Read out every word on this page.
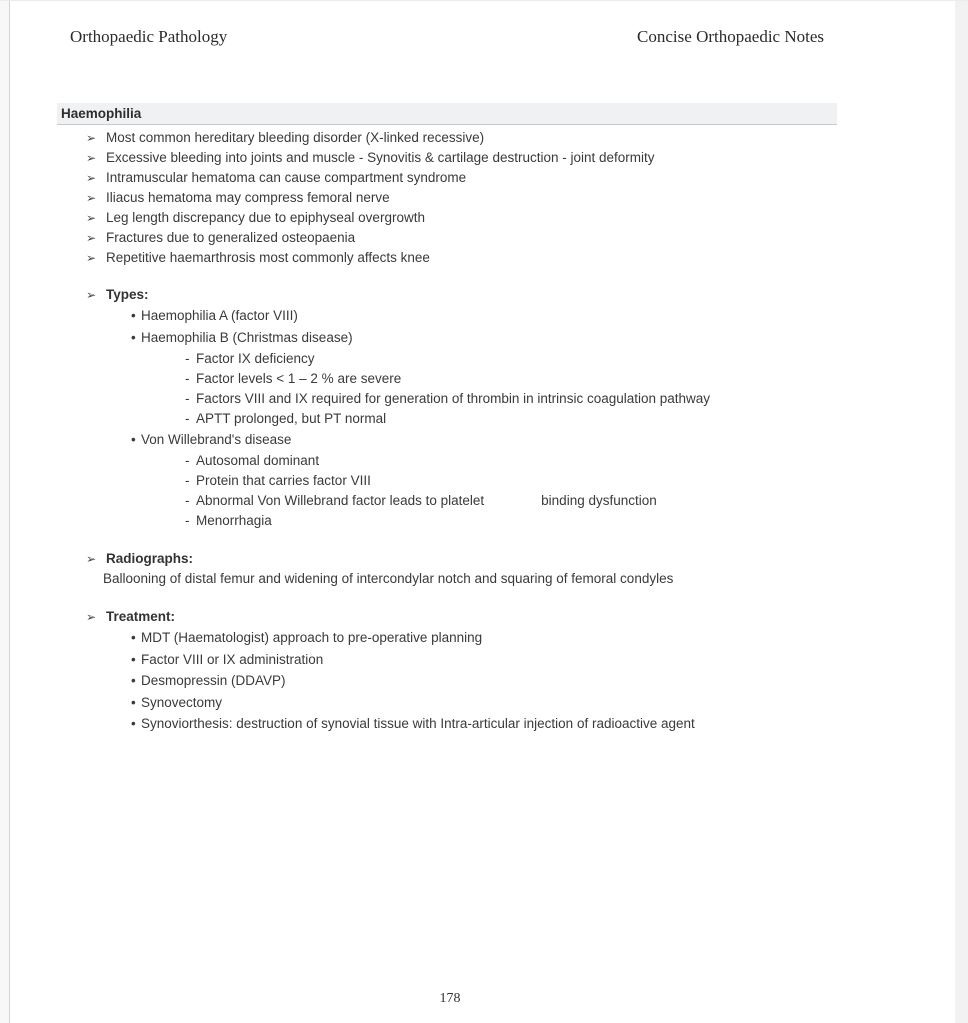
Orthopaedic Pathology	Concise Orthopaedic Notes
Haemophilia
➢ Most common hereditary bleeding disorder (X-linked recessive)
➢ Excessive bleeding into joints and muscle - Synovitis & cartilage destruction - joint deformity
➢ Intramuscular hematoma can cause compartment syndrome
➢ Iliacus hematoma may compress femoral nerve
➢ Leg length discrepancy due to epiphyseal overgrowth
➢ Fractures due to generalized osteopaenia
➢ Repetitive haemarthrosis most commonly affects knee
➢ Types:
• Haemophilia A (factor VIII)
• Haemophilia B (Christmas disease)
- Factor IX deficiency
- Factor levels < 1 – 2 % are severe
- Factors VIII and IX required for generation of thrombin in intrinsic coagulation pathway
- APTT prolonged, but PT normal
• Von Willebrand's disease
- Autosomal dominant
- Protein that carries factor VIII
- Abnormal Von Willebrand factor leads to platelet	binding dysfunction
- Menorrhagia
➢ Radiographs:
Ballooning of distal femur and widening of intercondylar notch and squaring of femoral condyles
➢ Treatment:
• MDT (Haematologist) approach to pre-operative planning
• Factor VIII or IX administration
• Desmopressin (DDAVP)
• Synovectomy
• Synoviorthesis: destruction of synovial tissue with Intra-articular injection of radioactive agent
178
